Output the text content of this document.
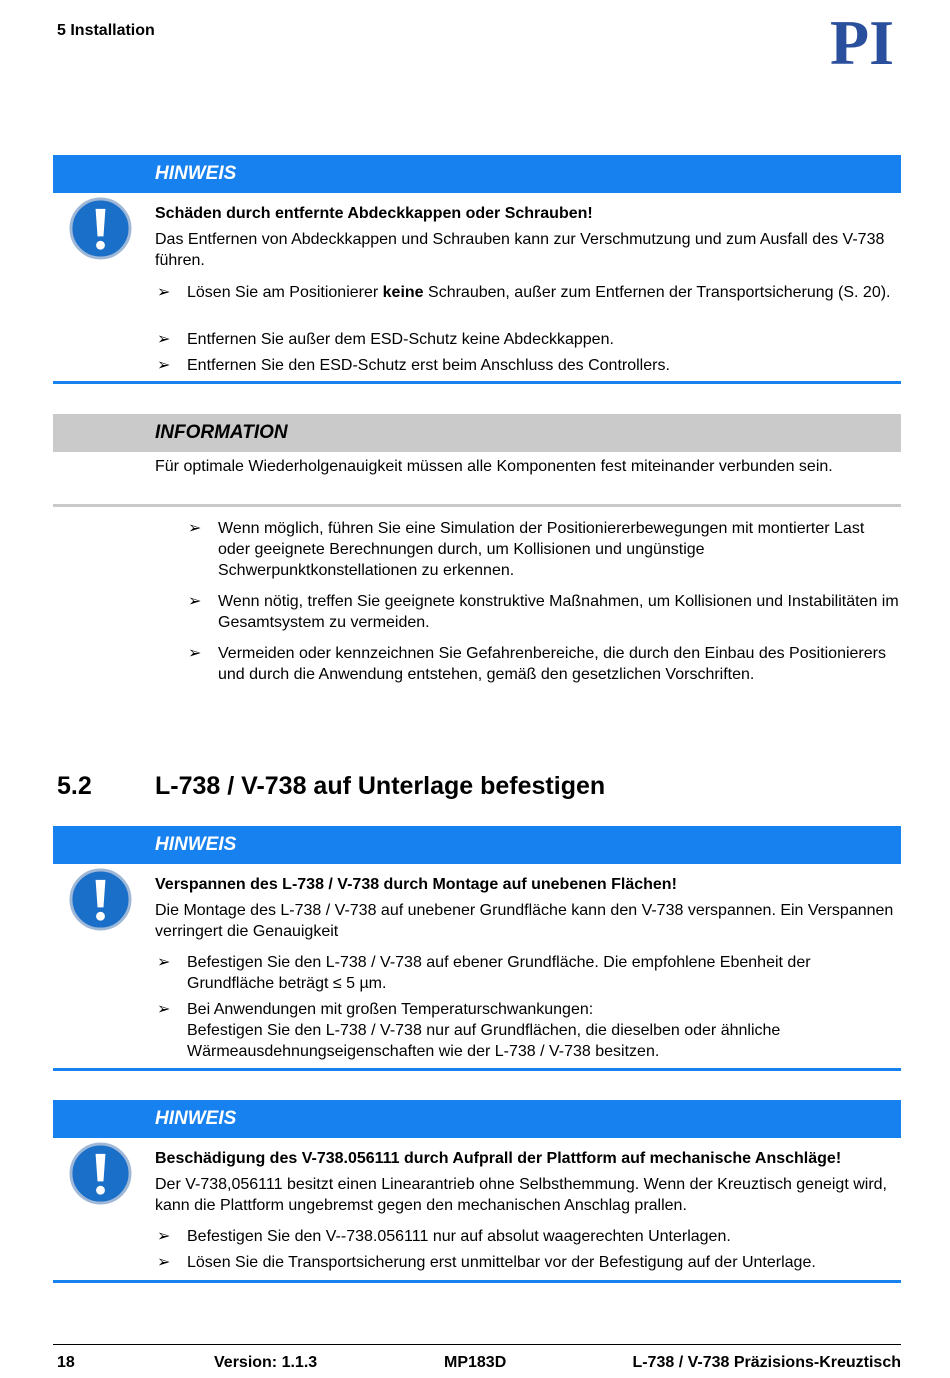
5 Installation	PI
HINWEIS
Schäden durch entfernte Abdeckkappen oder Schrauben!
Das Entfernen von Abdeckkappen und Schrauben kann zur Verschmutzung und zum Ausfall des V-738 führen.
➢	Lösen Sie am Positionierer keine Schrauben, außer zum Entfernen der Transportsicherung (S. 20).
➢	Entfernen Sie außer dem ESD-Schutz keine Abdeckkappen.
➢	Entfernen Sie den ESD-Schutz erst beim Anschluss des Controllers.
INFORMATION
Für optimale Wiederholgenauigkeit müssen alle Komponenten fest miteinander verbunden sein.
➢	Wenn möglich, führen Sie eine Simulation der Positioniererbewegungen mit montierter Last oder geeignete Berechnungen durch, um Kollisionen und ungünstige Schwerpunktkonstellationen zu erkennen.
➢	Wenn nötig, treffen Sie geeignete konstruktive Maßnahmen, um Kollisionen und Instabilitäten im Gesamtsystem zu vermeiden.
➢	Vermeiden oder kennzeichnen Sie Gefahrenbereiche, die durch den Einbau des Positionierers und durch die Anwendung entstehen, gemäß den gesetzlichen Vorschriften.
5.2	L-738 / V-738 auf Unterlage befestigen
HINWEIS
Verspannen des L-738 / V-738 durch Montage auf unebenen Flächen!
Die Montage des L-738 / V-738 auf unebener Grundfläche kann den V-738 verspannen. Ein Verspannen verringert die Genauigkeit
➢	Befestigen Sie den L-738 / V-738 auf ebener Grundfläche. Die empfohlene Ebenheit der Grundfläche beträgt ≤ 5 µm.
➢	Bei Anwendungen mit großen Temperaturschwankungen:
Befestigen Sie den L-738 / V-738 nur auf Grundflächen, die dieselben oder ähnliche Wärmeausdehnungseigenschaften wie der L-738 / V-738 besitzen.
HINWEIS
Beschädigung des V-738.056111 durch Aufprall der Plattform auf mechanische Anschläge!
Der V-738,056111 besitzt einen Linearantrieb ohne Selbsthemmung. Wenn der Kreuztisch geneigt wird, kann die Plattform ungebremst gegen den mechanischen Anschlag prallen.
➢	Befestigen Sie den V--738.056111 nur auf absolut waagerechten Unterlagen.
➢	Lösen Sie die Transportsicherung erst unmittelbar vor der Befestigung auf der Unterlage.
18	Version: 1.1.3	MP183D	L-738 / V-738 Präzisions-Kreuztisch
